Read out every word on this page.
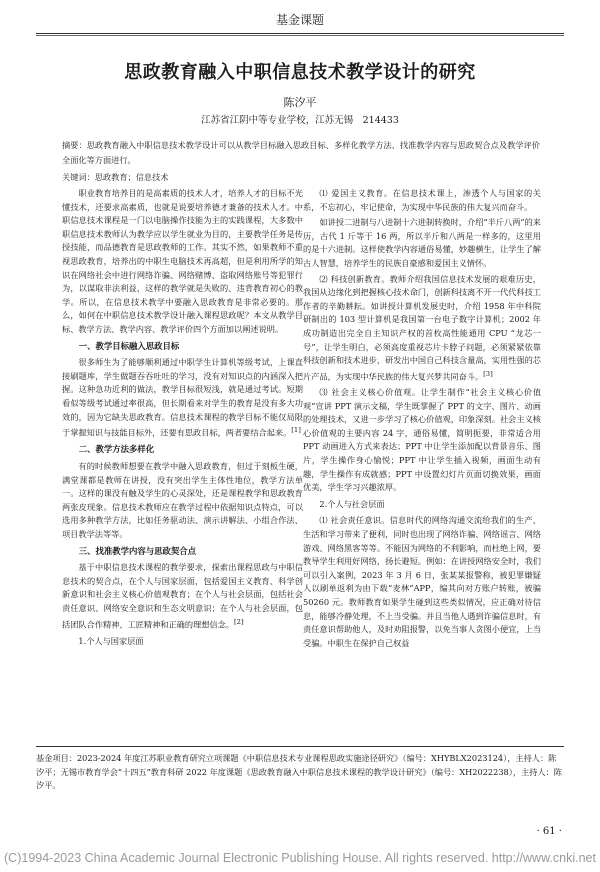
基金课题
思政教育融入中职信息技术教学设计的研究
陈汐平
江苏省江阴中等专业学校，江苏无锡　214433
摘要：思政教育融入中职信息技术教学设计可以从教学目标融入思政目标、多样化教学方法、找准教学内容与思政契合点及教学评价全面化等方面进行。
关键词：思政教育；信息技术

职业教育培养目的是高素质的技术人才，培养人才的目标不光懂技术，还要求高素质，也就是说要培养德才兼备的技术人才。中职信息技术课程是一门以电脑操作技能为主的实践课程，大多数中职信息技术教师认为教学应以学生就业为目的，主要教学任务是传授技能，而品德教育是思政教师的工作。其实不然，如果教师不重视思政教育，培养出的中职生电脑技术再高超，但是利用所学的知识在网络社会中进行网络诈骗、网络赌博、盗取网络账号等犯罪行为，以谋取非法利益，这样的教学就是失败的、违背教育初心的教学。所以，在信息技术教学中要融入思政教育是非常必要的。那么，如何在中职信息技术教学设计融入课程思政呢？本文从教学目标、教学方法、教学内容、教学评价四个方面加以阐述说明。

一、教学目标融入思政目标

很多师生为了能够顺利通过中职学生计算机等级考试，上课直接刷题库，学生做题吞吞吐吐的学习，没有对知识点的内涵深入把握。这种急功近利的做法，教学目标很短浅，就是通过考试。短期看似等级考试通过率很高，但长期看来对学生的教育是没有多大功效的，因为它缺失思政教育。信息技术课程的教学目标不能仅局限于掌握知识与技能目标外，还要有思政目标，两者要结合起来。[1]

二、教学方法多样化

有的时候教师想要在教学中融入思政教育，但过于刻板生硬，满堂课都是教师在讲授，没有突出学生主体性地位，教学方法单一。这样的课没有触及学生的心灵深处，还是课程教学和思政教育两张皮现象。信息技术教师应在教学过程中依据知识点特点，可以选用多种教学方法，比如任务驱动法、演示讲解法、小组合作法、项目教学法等等。

三、找准教学内容与思政契合点

基于中职信息技术课程的教学要求，探索出课程思政与中职信息技术的契合点，在个人与国家层面，包括爱国主义教育、科学创新意识和社会主义核心价值观教育；在个人与社会层面，包括社会责任意识、网络安全意识和生态文明意识；在个人与社会层面，包括团队合作精神、工匠精神和正确的理想信念。[2]

1.个人与国家层面

⑴ 爱国主义教育。在信息技术课上，渗透个人与国家的关系，不忘初心，牢记使命，为实现中华民族的伟大复兴而奋斗。

如讲授二进制与八进制十六进制转换时，介绍“半斤八两”的来历，古代 1 斤等于 16 两，所以半斤和八两是一样多的，这里用的是十六进制。这样使教学内容通俗易懂，妙趣横生，让学生了解古人智慧，培养学生的民族自豪感和爱国主义情怀。

⑵ 科技创新教育。教师介绍我国信息技术发展的艰难历史，我国从边缘化到把握核心技术命门，创新科技离不开一代代科技工作者的辛勤耕耘。如讲授计算机发展史时，介绍 1958 年中科院研制出的 103 型计算机是我国第一台电子数字计算机；2002 年成功制造出完全自主知识产权的首枚高性能通用 CPU “龙芯一号”，让学生明白，必须高度重视芯片卡脖子问题，必须紧紧依靠科技创新和技术进步，研发出中国自己科技含量高，实用性强的芯片产品，为实现中华民族的伟大复兴梦共同奋斗。[3]

⑶ 社会主义核心价值观。让学生制作“社会主义核心价值观”宣讲 PPT 演示文稿，学生既掌握了 PPT 的文字、图片、动画的处理技术，又进一步学习了核心价值观，印象深刻。社会主义核心价值观的主要内容 24 字，通俗易懂，简明扼要，非常适合用 PPT 动画进入方式来表达；PPT 中让学生添加配以背景音乐、图片，学生操作身心愉悦；PPT 中让学生插入视频，画面生动有趣，学生操作有成就感；PPT 中设置幻灯片页面切换效果，画面优美，学生学习兴趣浓厚。

2.个人与社会层面

⑴ 社会责任意识。信息时代的网络沟通交流给我们的生产、生活和学习带来了便利，同时也出现了网络诈骗、网络谣言、网络游戏、网络黑客等等。不能因为网络的不利影响，而杜绝上网，要教导学生利用好网络，扬长避短。例如：在讲授网络安全时，我们可以引入案例，2023 年 3 月 6 日，张某某报警称，被犯罪嫌疑人以刷单返利为由下载“麦林”APP，编其向对方账户转账，被骗 50260 元。教师教育如果学生碰到这些类似情况，应正确对待信息，能够冷静处理，不上当受骗。并且当他人遇到诈骗信息时，有责任意识帮助他人，及时劝阻报警，以免当事人贪图小便宜，上当受骗。中职生在保护自己权益

基金项目：2023-2024 年度江苏职业教育研究立项课题《中职信息技术专业课程思政实施途径研究》（编号：XHYBLX2023124），主持人：陈汐平；无锡市教育学会“十四五”教育科研 2022 年度课题《思政教育融入中职信息技术课程的教学设计研究》（编号：XH2022238），主持人：陈汐平。
· 61 ·
(C)1994-2023 China Academic Journal Electronic Publishing House. All rights reserved. http://www.cnki.net
